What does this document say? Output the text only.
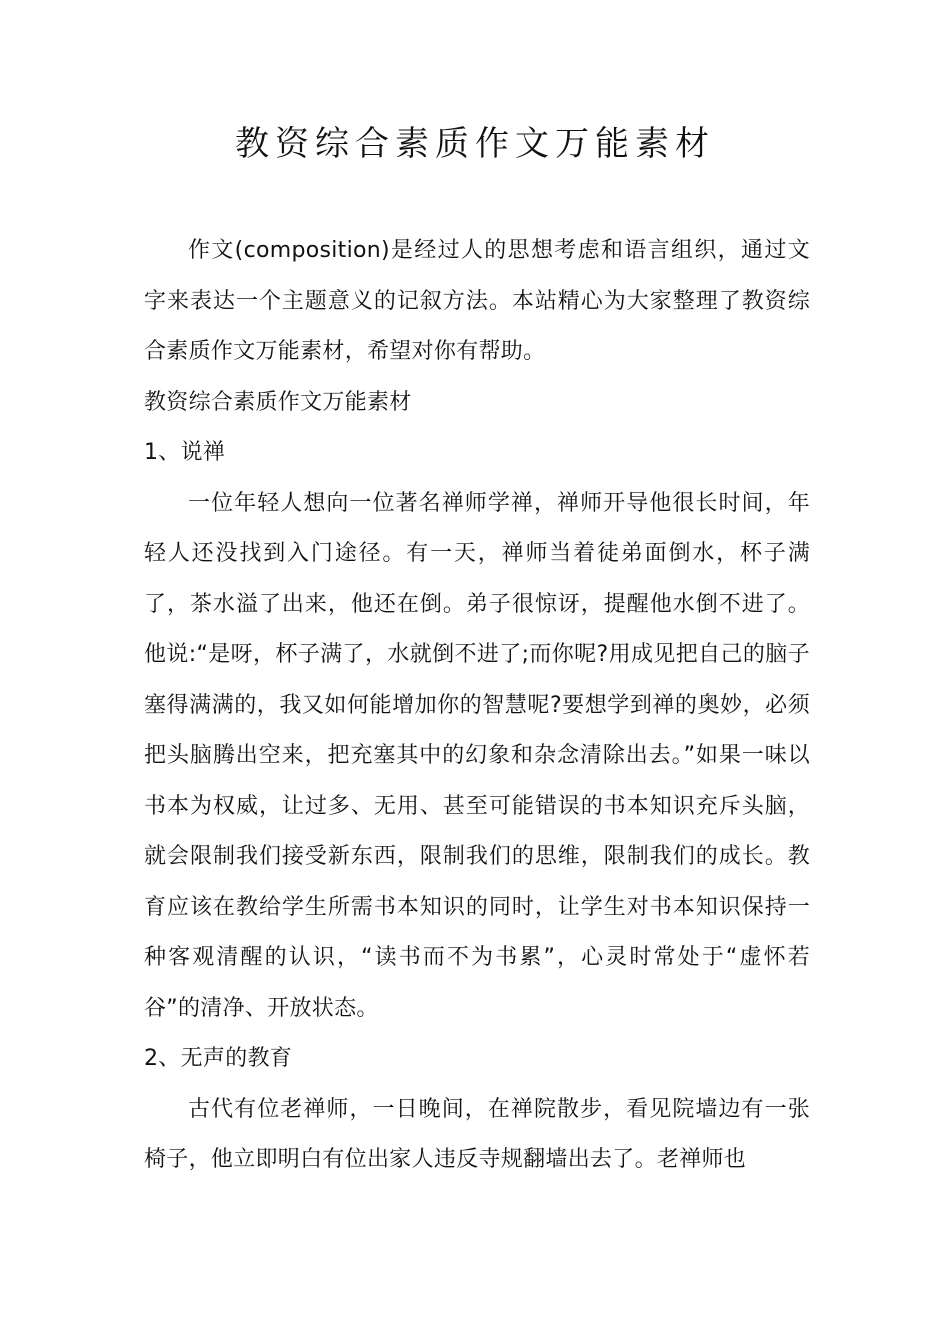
教资综合素质作文万能素材

作文(composition)是经过人的思想考虑和语言组织，通过文字来表达一个主题意义的记叙方法。本站精心为大家整理了教资综合素质作文万能素材，希望对你有帮助。

教资综合素质作文万能素材

1、说禅

一位年轻人想向一位著名禅师学禅，禅师开导他很长时间，年轻人还没找到入门途径。有一天，禅师当着徒弟面倒水，杯子满了，茶水溢了出来，他还在倒。弟子很惊讶，提醒他水倒不进了。他说:“是呀，杯子满了，水就倒不进了;而你呢?用成见把自己的脑子塞得满满的，我又如何能增加你的智慧呢?要想学到禅的奥妙，必须把头脑腾出空来，把充塞其中的幻象和杂念清除出去。”如果一味以书本为权威，让过多、无用、甚至可能错误的书本知识充斥头脑，就会限制我们接受新东西，限制我们的思维，限制我们的成长。教育应该在教给学生所需书本知识的同时，让学生对书本知识保持一种客观清醒的认识，“读书而不为书累”，心灵时常处于“虚怀若谷”的清净、开放状态。

2、无声的教育

古代有位老禅师，一日晚间，在禅院散步，看见院墙边有一张椅子，他立即明白有位出家人违反寺规翻墙出去了。老禅师也
